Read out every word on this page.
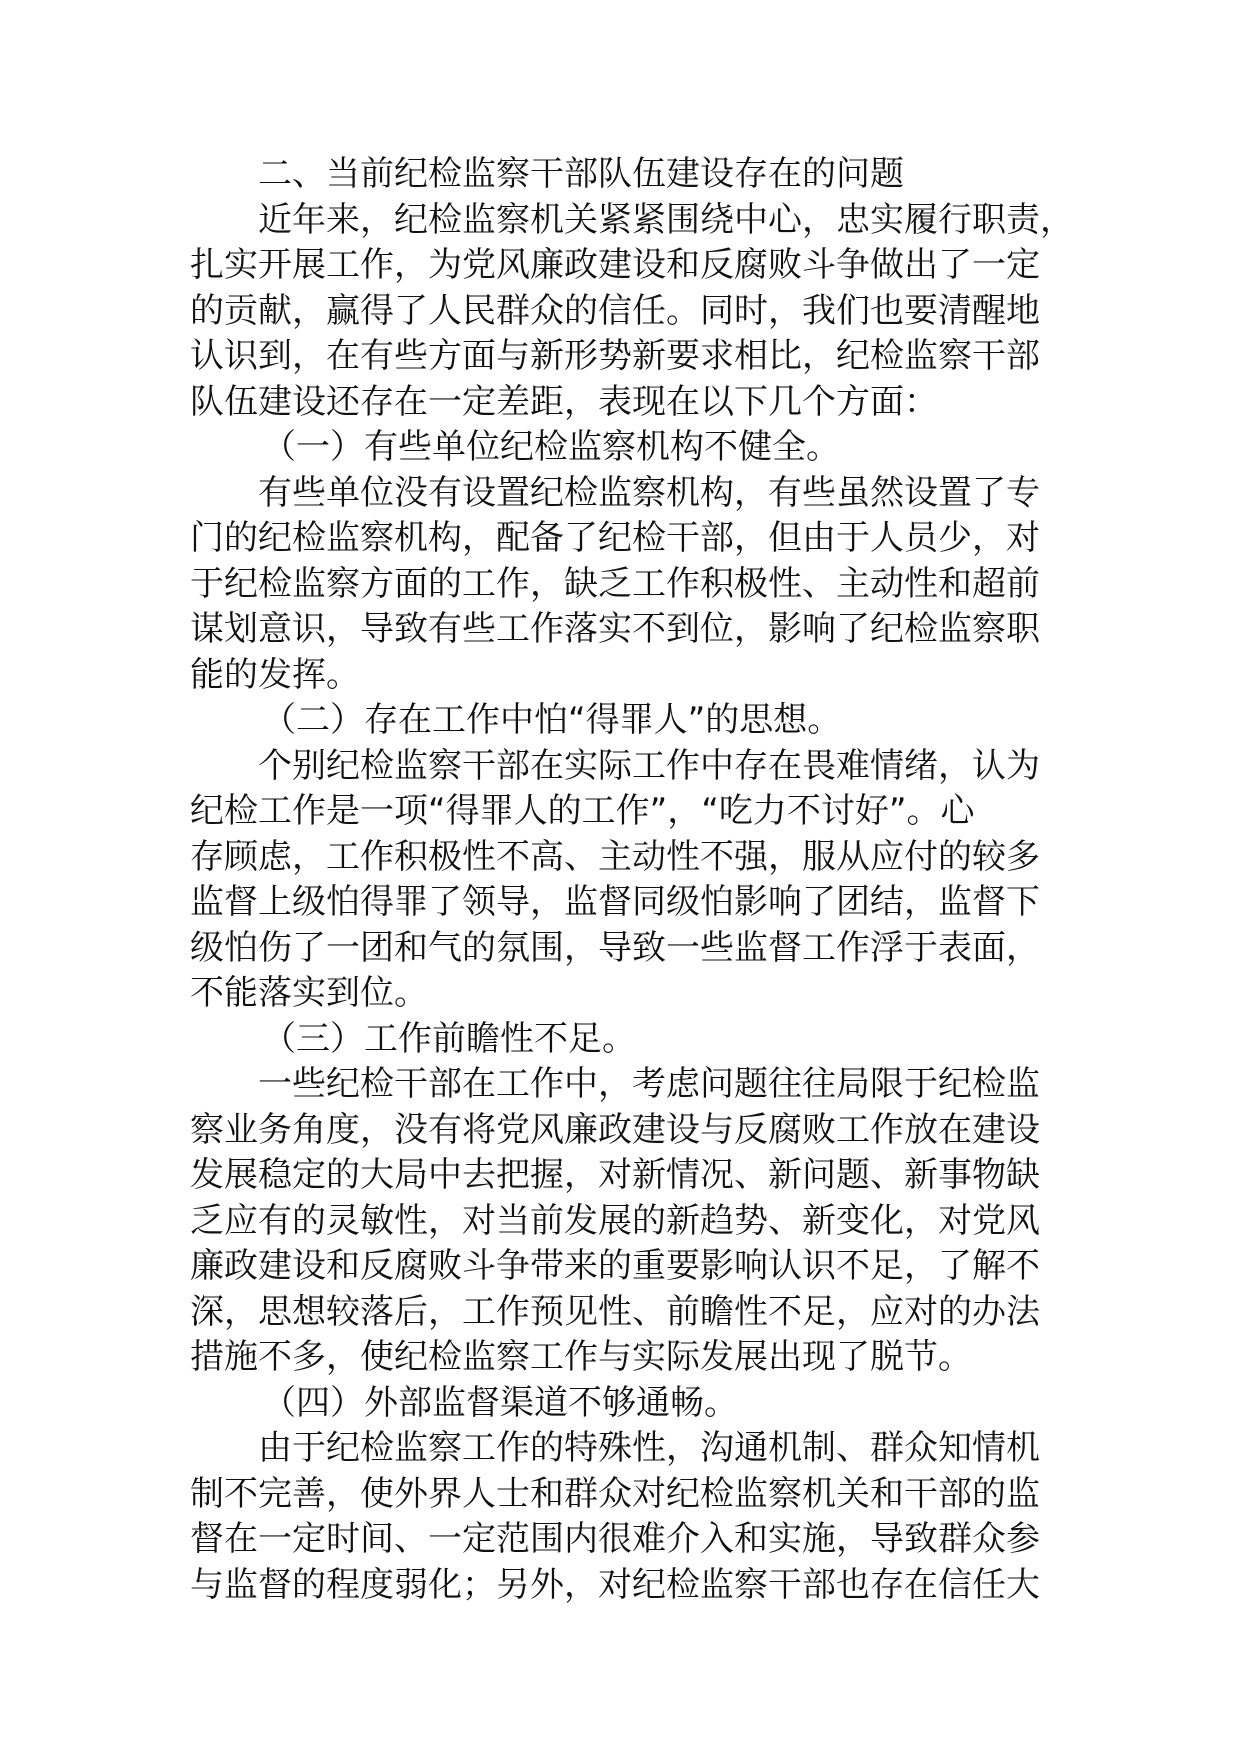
二、当前纪检监察干部队伍建设存在的问题
近年来，纪检监察机关紧紧围绕中心，忠实履行职责，
扎实开展工作，为党风廉政建设和反腐败斗争做出了一定
的贡献，赢得了人民群众的信任。同时，我们也要清醒地
认识到，在有些方面与新形势新要求相比，纪检监察干部
队伍建设还存在一定差距，表现在以下几个方面：
（一）有些单位纪检监察机构不健全。
有些单位没有设置纪检监察机构，有些虽然设置了专
门的纪检监察机构，配备了纪检干部，但由于人员少，对
于纪检监察方面的工作，缺乏工作积极性、主动性和超前
谋划意识，导致有些工作落实不到位，影响了纪检监察职
能的发挥。
（二）存在工作中怕“得罪人”的思想。
个别纪检监察干部在实际工作中存在畏难情绪，认为
纪检工作是一项“得罪人的工作”，“吃力不讨好”。心
存顾虑，工作积极性不高、主动性不强，服从应付的较多
监督上级怕得罪了领导，监督同级怕影响了团结，监督下
级怕伤了一团和气的氛围，导致一些监督工作浮于表面，
不能落实到位。
（三）工作前瞻性不足。
一些纪检干部在工作中，考虑问题往往局限于纪检监
察业务角度，没有将党风廉政建设与反腐败工作放在建设
发展稳定的大局中去把握，对新情况、新问题、新事物缺
乏应有的灵敏性，对当前发展的新趋势、新变化，对党风
廉政建设和反腐败斗争带来的重要影响认识不足，了解不
深，思想较落后，工作预见性、前瞻性不足，应对的办法
措施不多，使纪检监察工作与实际发展出现了脱节。
（四）外部监督渠道不够通畅。
由于纪检监察工作的特殊性，沟通机制、群众知情机
制不完善，使外界人士和群众对纪检监察机关和干部的监
督在一定时间、一定范围内很难介入和实施，导致群众参
与监督的程度弱化；另外，对纪检监察干部也存在信任大
